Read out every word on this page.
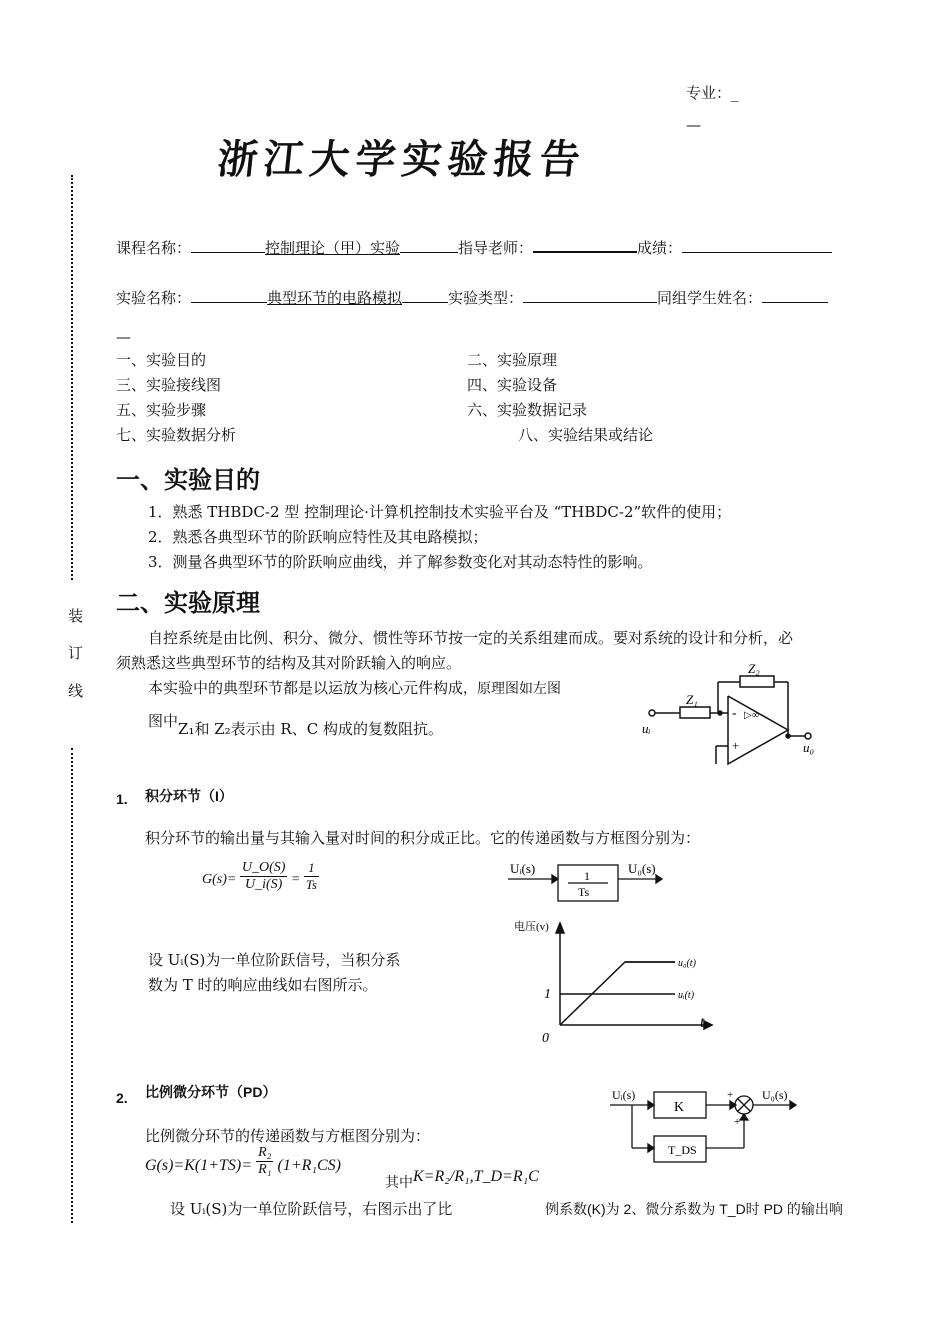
装
订
线
专业：_
—
浙江大学实验报告
课程名称：	控制理论（甲）实验	指导老师：	成绩：
实验名称：	典型环节的电路模拟	实验类型：	同组学生姓名：
—
一、实验目的	二、实验原理
三、实验接线图	四、实验设备
五、实验步骤	六、实验数据记录
七、实验数据分析	八、实验结果或结论
一、实验目的
1．熟悉 THBDC-2 型 控制理论·计算机控制技术实验平台及 “THBDC-2”软件的使用；
2．熟悉各典型环节的阶跃响应特性及其电路模拟；
3．测量各典型环节的阶跃响应曲线，并了解参数变化对其动态特性的影响。
二、实验原理
自控系统是由比例、积分、微分、惯性等环节按一定的关系组建而成。要对系统的设计和分析，必
须熟悉这些典型环节的结构及其对阶跃输入的响应。
本实验中的典型环节都是以运放为核心元件构成，原理图如左图
图中Z₁和 Z₂表示由 R、C 构成的复数阻抗。
Z₂
Z₁
-
+
▷∞
uᵢ
u₀
1. 积分环节（I）
积分环节的输出量与其输入量对时间的积分成正比。它的传递函数与方框图分别为：
$G(s)= \frac{U\_O(S)}{U\_i(S)} = \frac{1}{Ts}$	Uᵢ(s)	U₀(s)
1
Ts
电压(v)
t
0
1
u₀(t)
uᵢ(t)
设 Uᵢ(S)为一单位阶跃信号，当积分系
数为 T 时的响应曲线如右图所示。
2. 比例微分环节（PD）
比例微分环节的传递函数与方框图分别为：
$G(s)=K(1+TS)= \frac{\text{R₂}}{\text{R₁}} (1+R_1CS)$
其中K=R₂/R₁,T_D=R₁C
Uᵢ(s)	U₀(s)
K
T_DS
+
+
设 Uᵢ(S)为一单位阶跃信号，右图示出了比	例系数(K)为 2、微分系数为 T_D时 PD 的输出响
